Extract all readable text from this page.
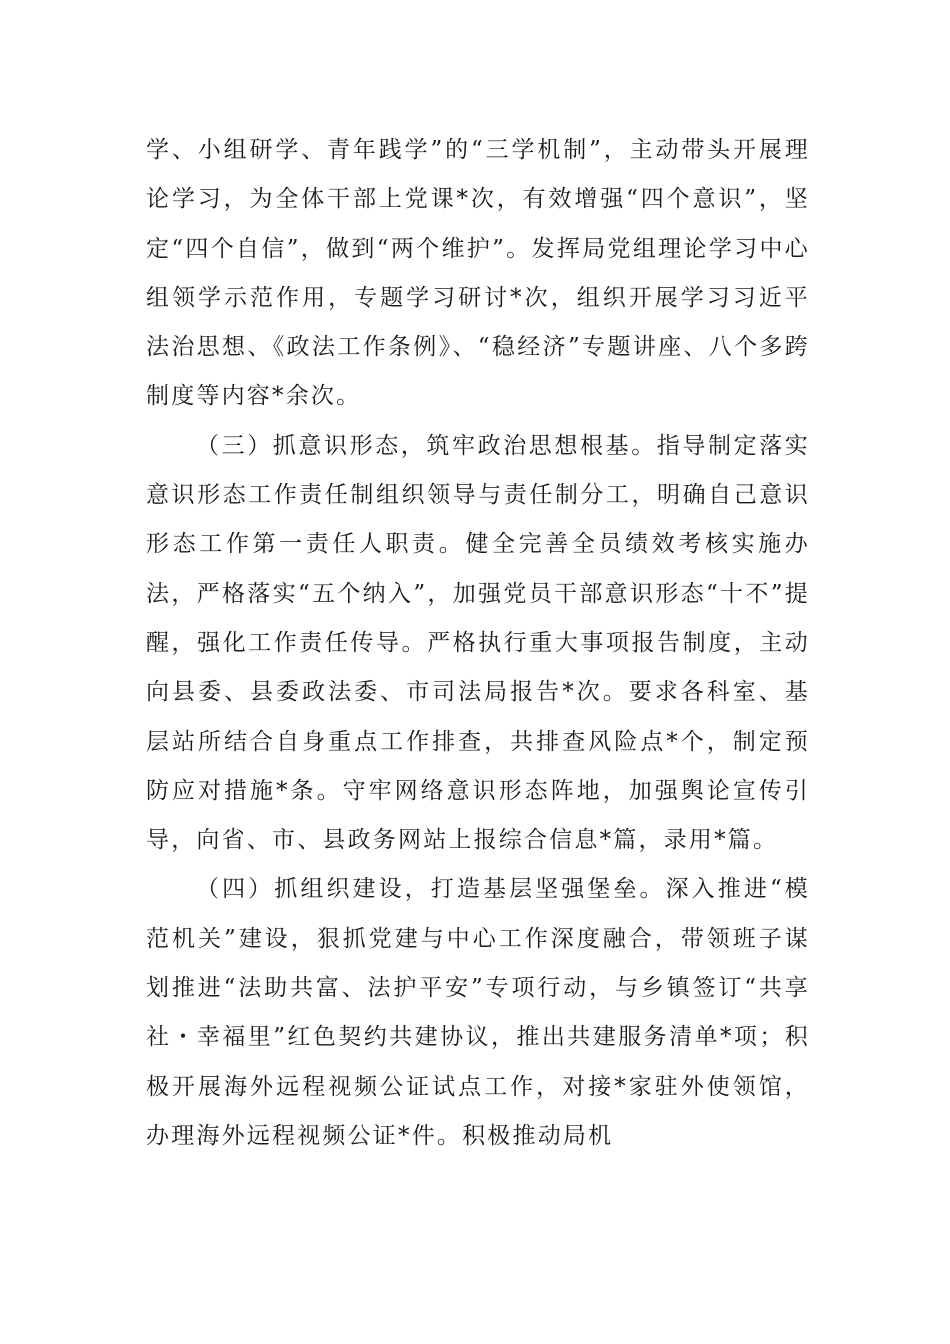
学、小组研学、青年践学”的“三学机制”，主动带头开展理论学习，为全体干部上党课*次，有效增强“四个意识”，坚定“四个自信”，做到“两个维护”。发挥局党组理论学习中心组领学示范作用，专题学习研讨*次，组织开展学习习近平法治思想、《政法工作条例》、“稳经济”专题讲座、八个多跨制度等内容*余次。

（三）抓意识形态，筑牢政治思想根基。指导制定落实意识形态工作责任制组织领导与责任制分工，明确自己意识形态工作第一责任人职责。健全完善全员绩效考核实施办法，严格落实“五个纳入”，加强党员干部意识形态“十不”提醒，强化工作责任传导。严格执行重大事项报告制度，主动向县委、县委政法委、市司法局报告*次。要求各科室、基层站所结合自身重点工作排查，共排查风险点*个，制定预防应对措施*条。守牢网络意识形态阵地，加强舆论宣传引导，向省、市、县政务网站上报综合信息*篇，录用*篇。

（四）抓组织建设，打造基层坚强堡垒。深入推进“模范机关”建设，狠抓党建与中心工作深度融合，带领班子谋划推进“法助共富、法护平安”专项行动，与乡镇签订“共享社・幸福里”红色契约共建协议，推出共建服务清单*项；积极开展海外远程视频公证试点工作，对接*家驻外使领馆，办理海外远程视频公证*件。积极推动局机
